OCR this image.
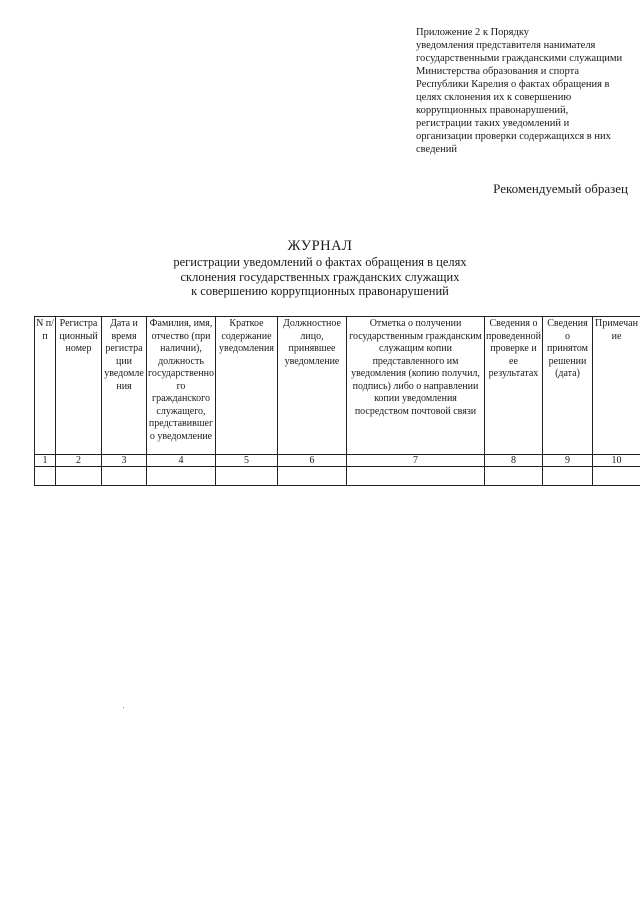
Приложение 2 к Порядку
уведомления представителя нанимателя
государственными гражданскими служащими
Министерства образования и спорта
Республики Карелия о фактах обращения в
целях склонения их к совершению
коррупционных правонарушений,
регистрации таких уведомлений и
организации проверки содержащихся в них
сведений
Рекомендуемый образец
ЖУРНАЛ
регистрации уведомлений о фактах обращения в целях
склонения государственных гражданских служащих
к совершению коррупционных правонарушений
N п/п	Регистрационный номер	Дата и время регистрации уведомления	Фамилия, имя, отчество (при наличии), должность государственного гражданского служащего, представившего уведомление	Краткое содержание уведомления	Должностное лицо, принявшее уведомление	Отметка о получении государственным гражданским служащим копии представленного им уведомления (копию получил, подпись) либо о направлении копии уведомления посредством почтовой связи	Сведения о проведенной проверке и ее результатах	Сведения о принятом решении (дата)	Примечание
1	2	3	4	5	6	7	8	9	10
